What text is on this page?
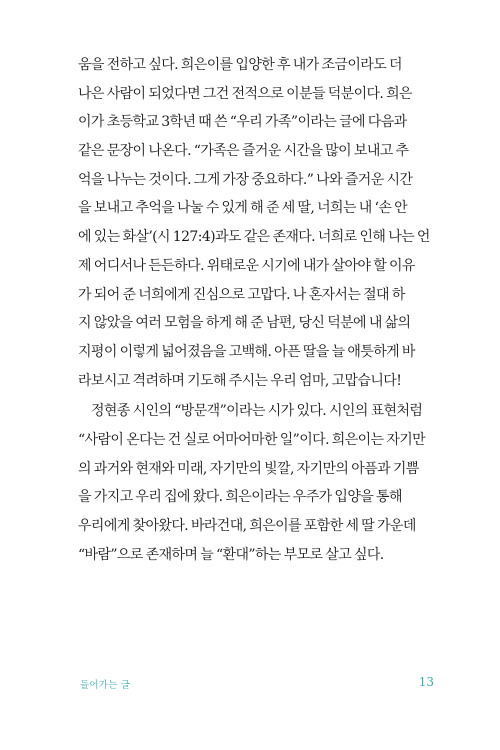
움을 전하고 싶다. 희은이를 입양한 후 내가 조금이라도 더
나은 사람이 되었다면 그건 전적으로 이분들 덕분이다. 희은
이가 초등학교 3학년 때 쓴 “우리 가족”이라는 글에 다음과
같은 문장이 나온다. “가족은 즐거운 시간을 많이 보내고 추
억을 나누는 것이다. 그게 가장 중요하다.” 나와 즐거운 시간
을 보내고 추억을 나눌 수 있게 해 준 세 딸, 너희는 내 ‘손 안
에 있는 화살’(시 127:4)과도 같은 존재다. 너희로 인해 나는 언
제 어디서나 든든하다. 위태로운 시기에 내가 살아야 할 이유
가 되어 준 너희에게 진심으로 고맙다. 나 혼자서는 절대 하
지 않았을 여러 모험을 하게 해 준 남편, 당신 덕분에 내 삶의
지평이 이렇게 넓어졌음을 고백해. 아픈 딸을 늘 애틋하게 바
라보시고 격려하며 기도해 주시는 우리 엄마, 고맙습니다!
정현종 시인의 “방문객”이라는 시가 있다. 시인의 표현처럼
“사람이 온다는 건 실로 어마어마한 일”이다. 희은이는 자기만
의 과거와 현재와 미래, 자기만의 빛깔, 자기만의 아픔과 기쁨
을 가지고 우리 집에 왔다. 희은이라는 우주가 입양을 통해
우리에게 찾아왔다. 바라건대, 희은이를 포함한 세 딸 가운데
“바람”으로 존재하며 늘 “환대”하는 부모로 살고 싶다.
들어가는 글	13
